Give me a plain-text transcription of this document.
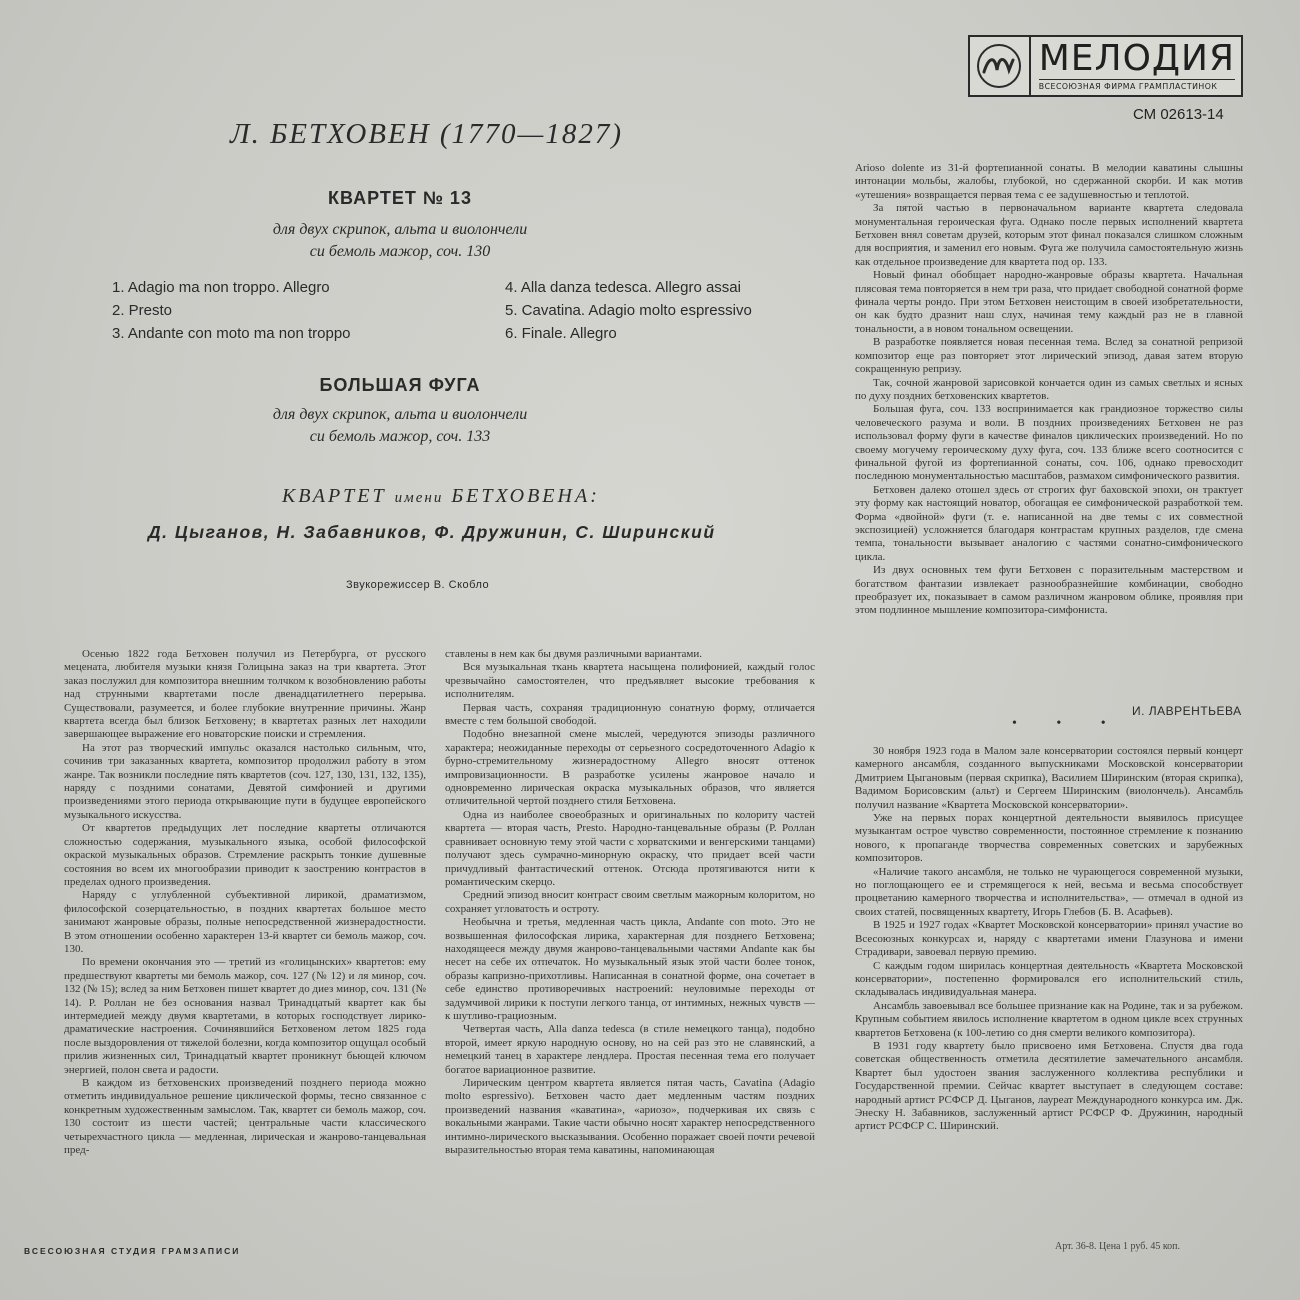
МЕЛОДИЯ
ВСЕСОЮЗНАЯ ФИРМА ГРАМПЛАСТИНОК
СМ 02613-14
Л. БЕТХОВЕН (1770—1827)
КВАРТЕТ № 13
для двух скрипок, альта и виолончели
си бемоль мажор, соч. 130
1. Adagio ma non troppo. Allegro
2. Presto
3. Andante con moto ma non troppo
4. Alla danza tedesca. Allegro assai
5. Cavatina. Adagio molto espressivo
6. Finale. Allegro
БОЛЬШАЯ ФУГА
для двух скрипок, альта и виолончели
си бемоль мажор, соч. 133
КВАРТЕТ имени БЕТХОВЕНА:
Д. Цыганов, Н. Забавников, Ф. Дружинин, С. Ширинский
Звукорежиссер В. Скобло

Осенью 1822 года Бетховен получил из Петербурга, от русского мецената, любителя музыки князя Голицына заказ на три квартета. Этот заказ послужил для композитора внешним толчком к возобновлению работы над струнными квартетами после двенадцатилетнего перерыва. Существовали, разумеется, и более глубокие внутренние причины. Жанр квартета всегда был близок Бетховену; в квартетах разных лет находили завершающее выражение его новаторские поиски и стремления.

На этот раз творческий импульс оказался настолько сильным, что, сочинив три заказанных квартета, композитор продолжил работу в этом жанре. Так возникли последние пять квартетов (соч. 127, 130, 131, 132, 135), наряду с поздними сонатами, Девятой симфонией и другими произведениями этого периода открывающие пути в будущее европейского музыкального искусства.

От квартетов предыдущих лет последние квартеты отличаются сложностью содержания, музыкального языка, особой философской окраской музыкальных образов. Стремление раскрыть тонкие душевные состояния во всем их многообразии приводит к заострению контрастов в пределах одного произведения.

Наряду с углубленной субъективной лирикой, драматизмом, философской созерцательностью, в поздних квартетах большое место занимают жанровые образы, полные непосредственной жизнерадостности. В этом отношении особенно характерен 13-й квартет си бемоль мажор, соч. 130.

По времени окончания это — третий из «голицынских» квартетов: ему предшествуют квартеты ми бемоль мажор, соч. 127 (№ 12) и ля минор, соч. 132 (№ 15); вслед за ним Бетховен пишет квартет до диез минор, соч. 131 (№ 14). Р. Роллан не без основания назвал Тринадцатый квартет как бы интермедией между двумя квартетами, в которых господствует лирико-драматические настроения. Сочинявшийся Бетховеном летом 1825 года после выздоровления от тяжелой болезни, когда композитор ощущал особый прилив жизненных сил, Тринадцатый квартет проникнут бьющей ключом энергией, полон света и радости.

В каждом из бетховенских произведений позднего периода можно отметить индивидуальное решение циклической формы, тесно связанное с конкретным художественным замыслом. Так, квартет си бемоль мажор, соч. 130 состоит из шести частей; центральные части классического четырехчастного цикла — медленная, лирическая и жанрово-танцевальная пред-

ставлены в нем как бы двумя различными вариантами.

Вся музыкальная ткань квартета насыщена полифонией, каждый голос чрезвычайно самостоятелен, что предъявляет высокие требования к исполнителям.

Первая часть, сохраняя традиционную сонатную форму, отличается вместе с тем большой свободой.

Подобно внезапной смене мыслей, чередуются эпизоды различного характера; неожиданные переходы от серьезного сосредоточенного Adagio к бурно-стремительному жизнерадостному Allegro вносят оттенок импровизационности. В разработке усилены жанровое начало и одновременно лирическая окраска музыкальных образов, что является отличительной чертой позднего стиля Бетховена.

Одна из наиболее своеобразных и оригинальных по колориту частей квартета — вторая часть, Presto. Народно-танцевальные образы (Р. Роллан сравнивает основную тему этой части с хорватскими и венгерскими танцами) получают здесь сумрачно-минорную окраску, что придает всей части причудливый фантастический оттенок. Отсюда протягиваются нити к романтическим скерцо.

Средний эпизод вносит контраст своим светлым мажорным колоритом, но сохраняет угловатость и остроту.

Необычна и третья, медленная часть цикла, Andante con moto. Это не возвышенная философская лирика, характерная для позднего Бетховена; находящееся между двумя жанрово-танцевальными частями Andante как бы несет на себе их отпечаток. Но музыкальный язык этой части более тонок, образы капризно-прихотливы. Написанная в сонатной форме, она сочетает в себе единство противоречивых настроений: неуловимые переходы от задумчивой лирики к поступи легкого танца, от интимных, нежных чувств — к шутливо-грациозным.

Четвертая часть, Alla danza tedesca (в стиле немецкого танца), подобно второй, имеет яркую народную основу, но на сей раз это не славянский, а немецкий танец в характере лендлера. Простая песенная тема его получает богатое вариационное развитие.

Лирическим центром квартета является пятая часть, Cavatina (Adagio molto espressivo). Бетховен часто дает медленным частям поздних произведений названия «каватина», «ариозо», подчеркивая их связь с вокальными жанрами. Такие части обычно носят характер непосредственного интимно-лирического высказывания. Особенно поражает своей почти речевой выразительностью вторая тема каватины, напоминающая

Arioso dolente из 31-й фортепианной сонаты. В мелодии каватины слышны интонации мольбы, жалобы, глубокой, но сдержанной скорби. И как мотив «утешения» возвращается первая тема с ее задушевностью и теплотой.

За пятой частью в первоначальном варианте квартета следовала монументальная героическая фуга. Однако после первых исполнений квартета Бетховен внял советам друзей, которым этот финал показался слишком сложным для восприятия, и заменил его новым. Фуга же получила самостоятельную жизнь как отдельное произведение для квартета под ор. 133.

Новый финал обобщает народно-жанровые образы квартета. Начальная плясовая тема повторяется в нем три раза, что придает свободной сонатной форме финала черты рондо. При этом Бетховен неистощим в своей изобретательности, он как будто дразнит наш слух, начиная тему каждый раз не в главной тональности, а в новом тональном освещении.

В разработке появляется новая песенная тема. Вслед за сонатной репризой композитор еще раз повторяет этот лирический эпизод, давая затем вторую сокращенную репризу.

Так, сочной жанровой зарисовкой кончается один из самых светлых и ясных по духу поздних бетховенских квартетов.

Большая фуга, соч. 133 воспринимается как грандиозное торжество силы человеческого разума и воли. В поздних произведениях Бетховен не раз использовал форму фуги в качестве финалов циклических произведений. Но по своему могучему героическому духу фуга, соч. 133 ближе всего соотносится с финальной фугой из фортепианной сонаты, соч. 106, однако превосходит последнюю монументальностью масштабов, размахом симфонического развития.

Бетховен далеко отошел здесь от строгих фуг баховской эпохи, он трактует эту форму как настоящий новатор, обогащая ее симфонической разработкой тем. Форма «двойной» фуги (т. е. написанной на две темы с их совместной экспозицией) усложняется благодаря контрастам крупных разделов, где смена темпа, тональности вызывает аналогию с частями сонатно-симфонического цикла.

Из двух основных тем фуги Бетховен с поразительным мастерством и богатством фантазии извлекает разнообразнейшие комбинации, свободно преобразует их, показывает в самом различном жанровом облике, проявляя при этом подлинное мышление композитора-симфониста.

И. ЛАВРЕНТЬЕВА
• • •

30 ноября 1923 года в Малом зале консерватории состоялся первый концерт камерного ансамбля, созданного выпускниками Московской консерватории Дмитрием Цыгановым (первая скрипка), Василием Ширинским (вторая скрипка), Вадимом Борисовским (альт) и Сергеем Ширинским (виолончель). Ансамбль получил название «Квартета Московской консерватории».

Уже на первых порах концертной деятельности выявилось присущее музыкантам острое чувство современности, постоянное стремление к познанию нового, к пропаганде творчества современных советских и зарубежных композиторов.

«Наличие такого ансамбля, не только не чурающегося современной музыки, но поглощающего ее и стремящегося к ней, весьма и весьма способствует процветанию камерного творчества и исполнительства», — отмечал в одной из своих статей, посвященных квартету, Игорь Глебов (Б. В. Асафьев).

В 1925 и 1927 годах «Квартет Московской консерватории» принял участие во Всесоюзных конкурсах и, наряду с квартетами имени Глазунова и имени Страдивари, завоевал первую премию.

С каждым годом ширилась концертная деятельность «Квартета Московской консерватории», постепенно формировался его исполнительский стиль, складывалась индивидуальная манера.

Ансамбль завоевывал все большее признание как на Родине, так и за рубежом. Крупным событием явилось исполнение квартетом в одном цикле всех струнных квартетов Бетховена (к 100-летию со дня смерти великого композитора).

В 1931 году квартету было присвоено имя Бетховена. Спустя два года советская общественность отметила десятилетие замечательного ансамбля. Квартет был удостоен звания заслуженного коллектива республики и Государственной премии. Сейчас квартет выступает в следующем составе: народный артист РСФСР Д. Цыганов, лауреат Международного конкурса им. Дж. Энеску Н. Забавников, заслуженный артист РСФСР Ф. Дружинин, народный артист РСФСР С. Ширинский.

ВСЕСОЮЗНАЯ СТУДИЯ ГРАМЗАПИСИ	Арт. 36-8. Цена 1 руб. 45 коп.
